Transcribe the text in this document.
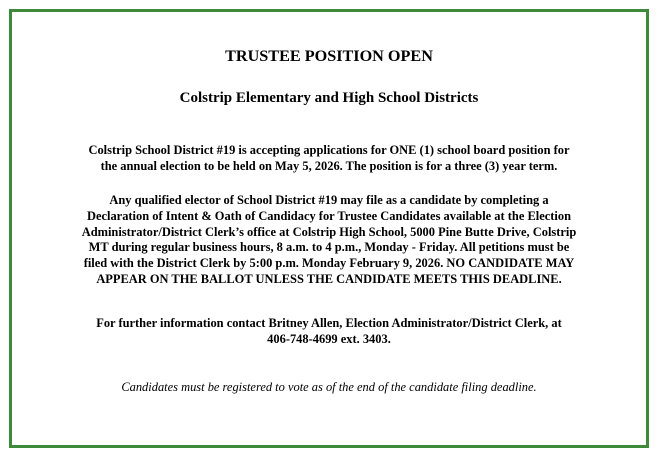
TRUSTEE POSITION OPEN
Colstrip Elementary and High School Districts
Colstrip School District #19 is accepting applications for ONE (1) school board position for
the annual election to be held on May 5, 2026. The position is for a three (3) year term.
Any qualified elector of School District #19 may file as a candidate by completing a
Declaration of Intent & Oath of Candidacy for Trustee Candidates available at the Election
Administrator/District Clerk’s office at Colstrip High School, 5000 Pine Butte Drive, Colstrip
MT during regular business hours, 8 a.m. to 4 p.m., Monday - Friday. All petitions must be
filed with the District Clerk by 5:00 p.m. Monday February 9, 2026. NO CANDIDATE MAY
APPEAR ON THE BALLOT UNLESS THE CANDIDATE MEETS THIS DEADLINE.
For further information contact Britney Allen, Election Administrator/District Clerk, at
406-748-4699 ext. 3403.
Candidates must be registered to vote as of the end of the candidate filing deadline.
